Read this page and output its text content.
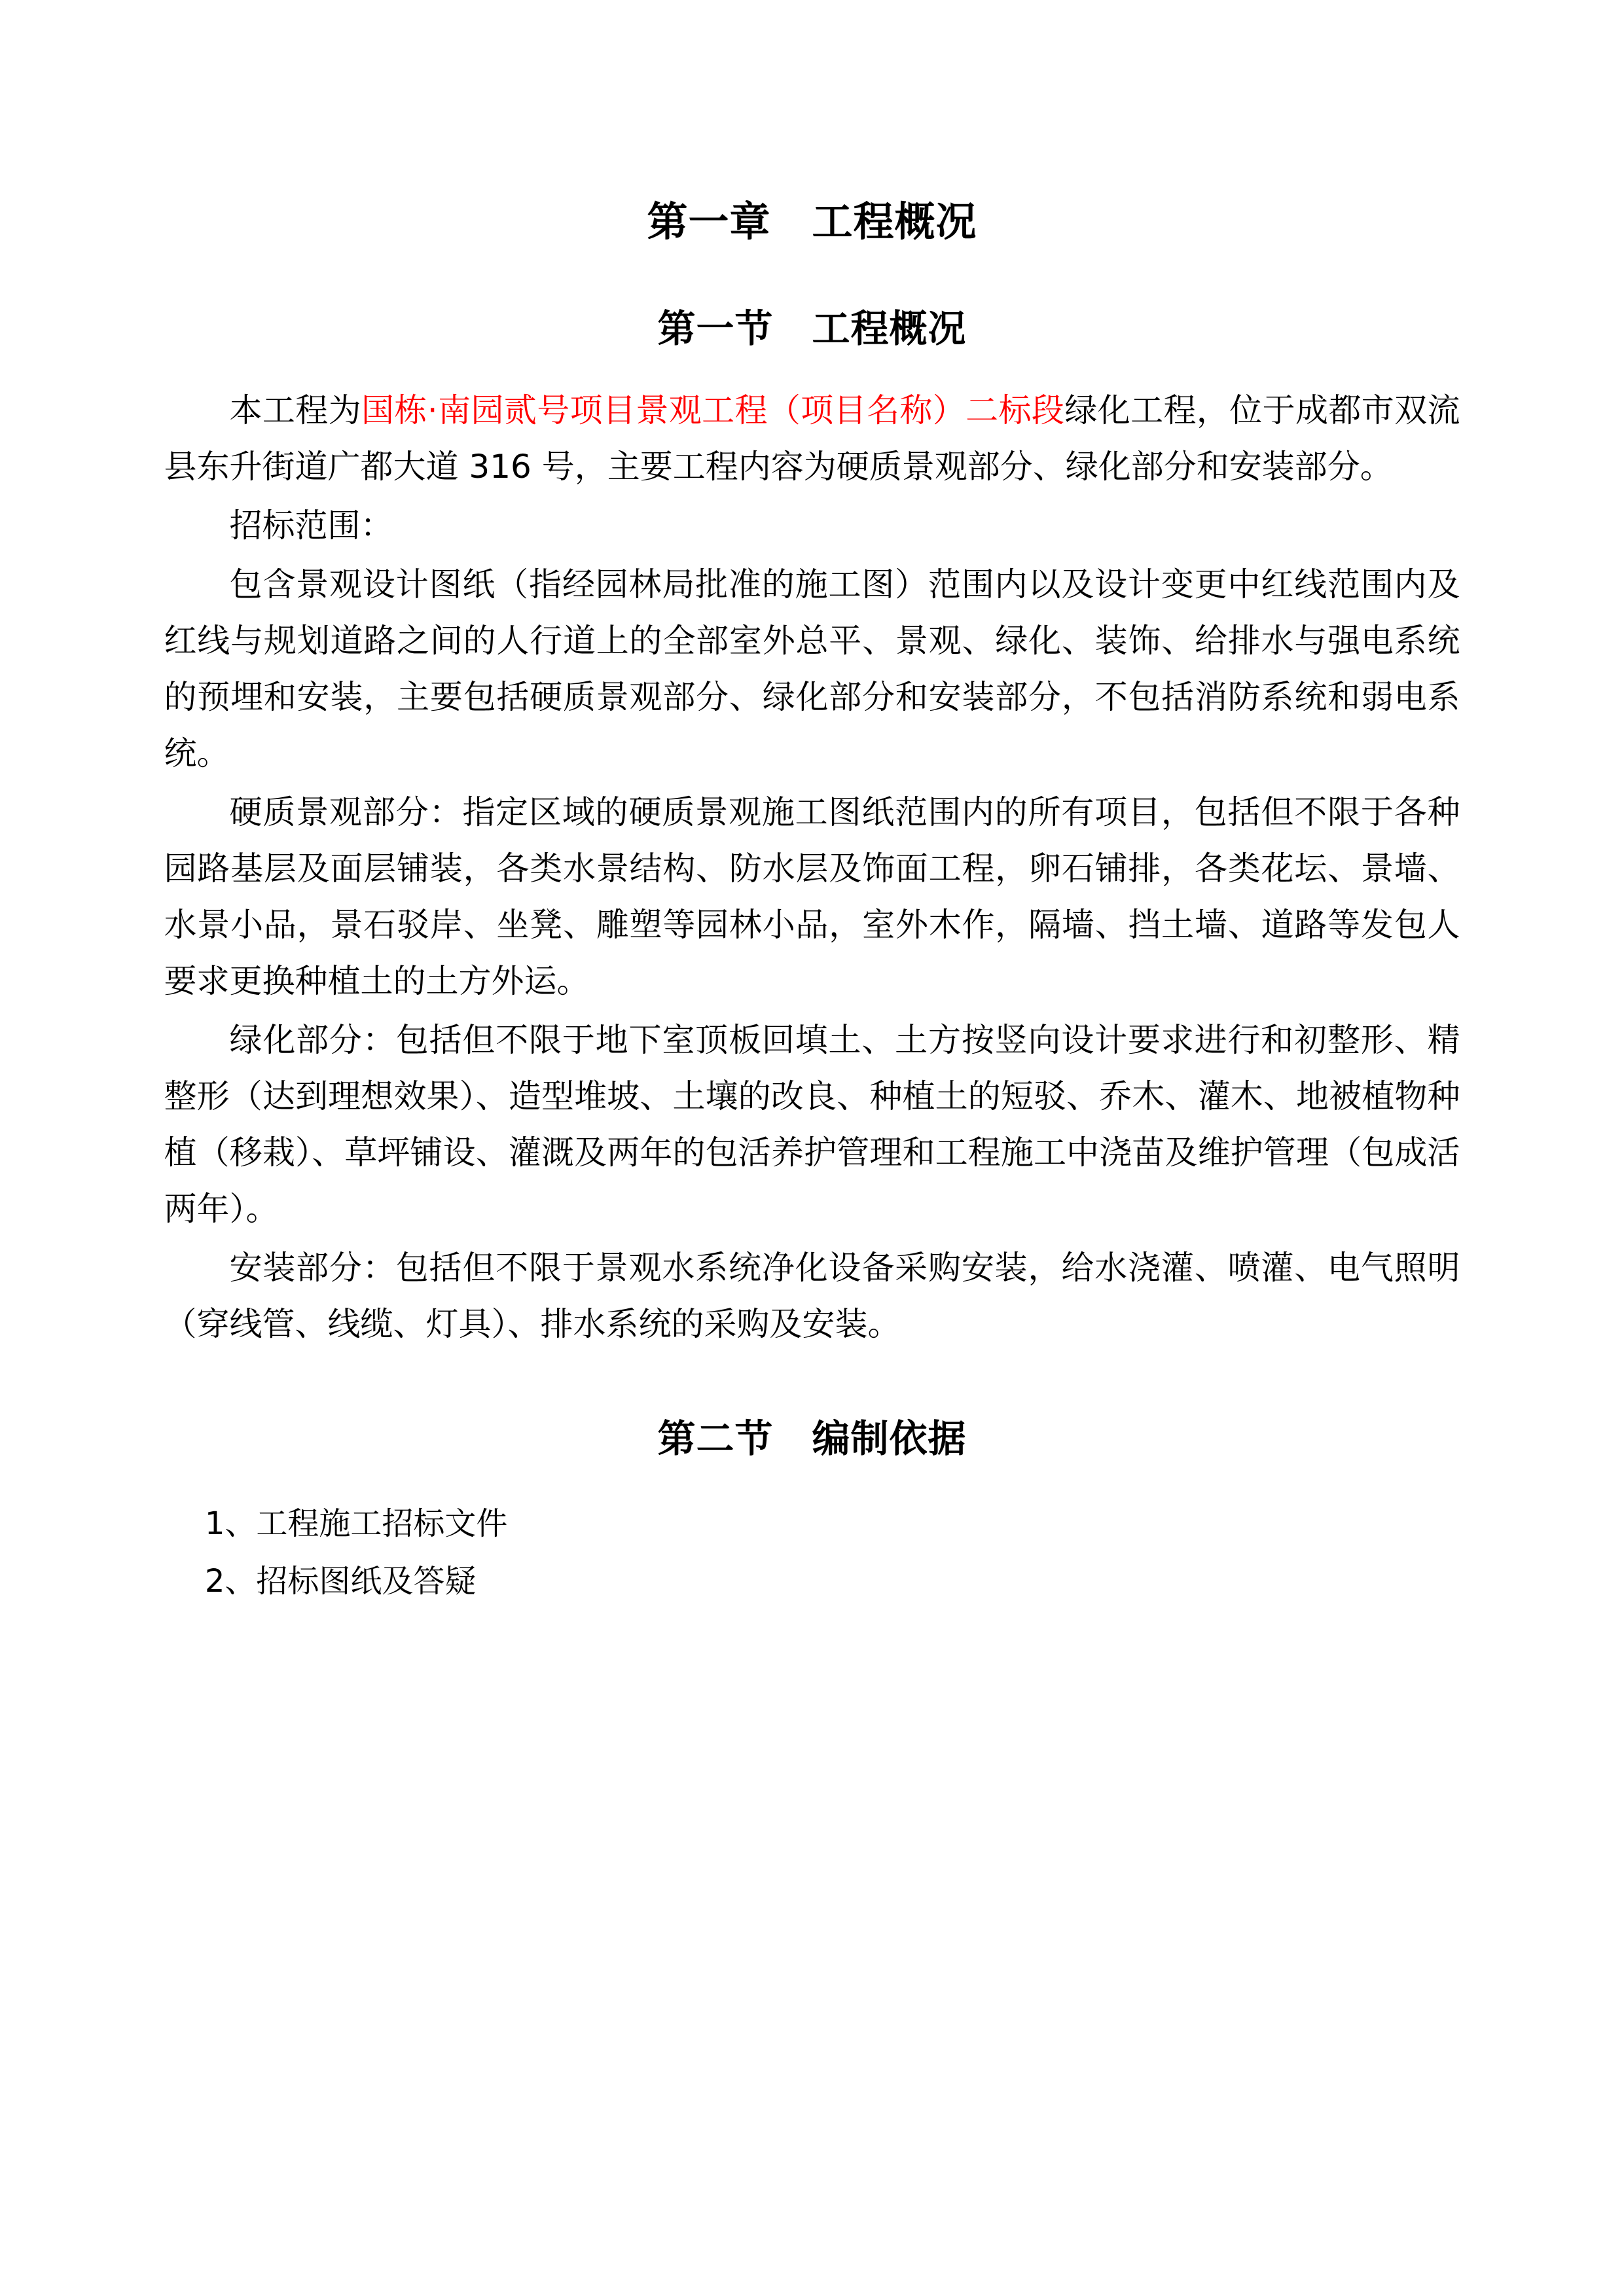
第一章　工程概况
第一节　工程概况

本工程为国栋·南园贰号项目景观工程（项目名称）二标段绿化工程，位于成都市双流县东升街道广都大道 316 号，主要工程内容为硬质景观部分、绿化部分和安装部分。

招标范围：

包含景观设计图纸（指经园林局批准的施工图）范围内以及设计变更中红线范围内及红线与规划道路之间的人行道上的全部室外总平、景观、绿化、装饰、给排水与强电系统的预埋和安装，主要包括硬质景观部分、绿化部分和安装部分，不包括消防系统和弱电系统。

硬质景观部分：指定区域的硬质景观施工图纸范围内的所有项目，包括但不限于各种园路基层及面层铺装，各类水景结构、防水层及饰面工程，卵石铺排，各类花坛、景墙、水景小品，景石驳岸、坐凳、雕塑等园林小品，室外木作，隔墙、挡土墙、道路等发包人要求更换种植土的土方外运。

绿化部分：包括但不限于地下室顶板回填土、土方按竖向设计要求进行和初整形、精整形（达到理想效果）、造型堆坡、土壤的改良、种植土的短驳、乔木、灌木、地被植物种植（移栽）、草坪铺设、灌溉及两年的包活养护管理和工程施工中浇苗及维护管理（包成活两年）。

安装部分：包括但不限于景观水系统净化设备采购安装，给水浇灌、喷灌、电气照明（穿线管、线缆、灯具）、排水系统的采购及安装。

第二节　编制依据
1、工程施工招标文件
2、招标图纸及答疑
